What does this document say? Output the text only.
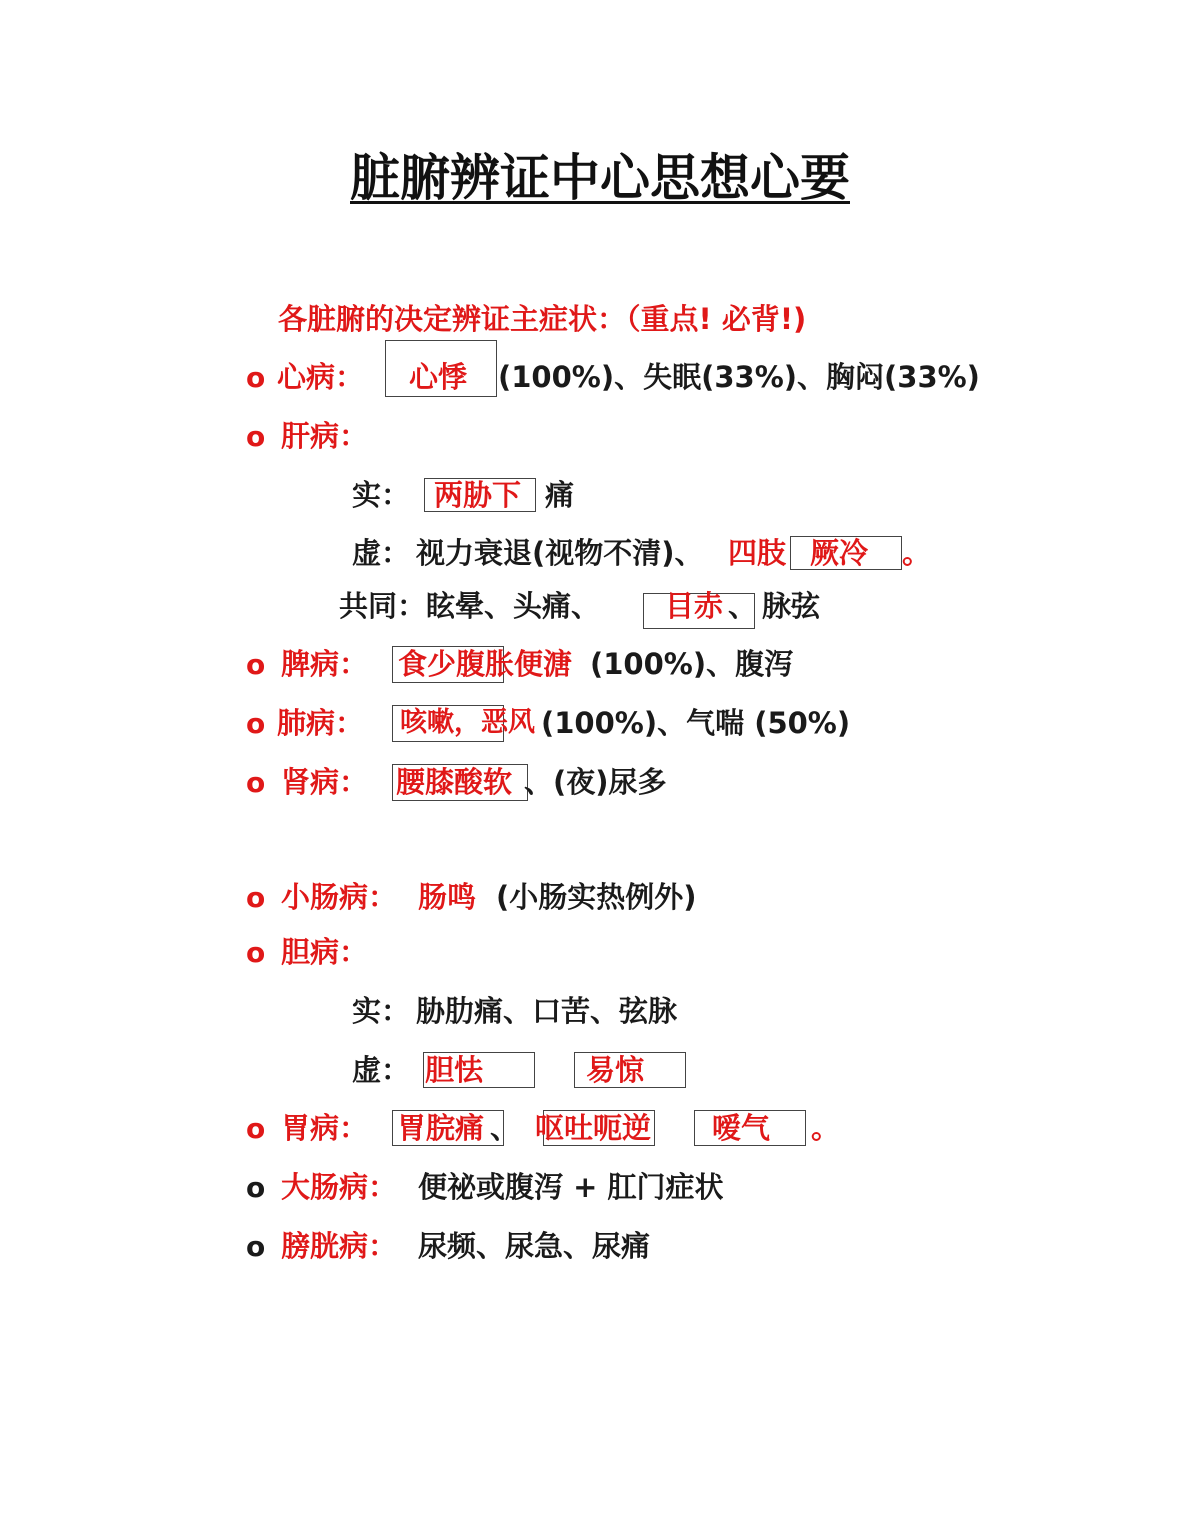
脏腑辨证中心思想心要
各脏腑的决定辨证主症状：（重点! 必背!)
o 心病： 心悸 (100%)、失眠(33%)、胸闷(33%)
o 肝病：
实： 两胁下 痛
虚： 视力衰退(视物不清)、 四肢 厥冷 。
共同：眩晕、头痛、 目赤 、 脉弦
o 脾病： 食少腹胀便溏 (100%)、腹泻
o 肺病： 咳嗽，恶风 (100%)、气喘 (50%)
o 肾病： 腰膝酸软 、(夜)尿多
o 小肠病： 肠鸣 (小肠实热例外)
o 胆病：
实： 胁肋痛、口苦、弦脉
虚： 胆怯	易惊
o 胃病： 胃脘痛 、 呕吐呃逆 嗳气 。
o 大肠病： 便祕或腹泻 + 肛门症状
o 膀胱病： 尿频、尿急、尿痛
